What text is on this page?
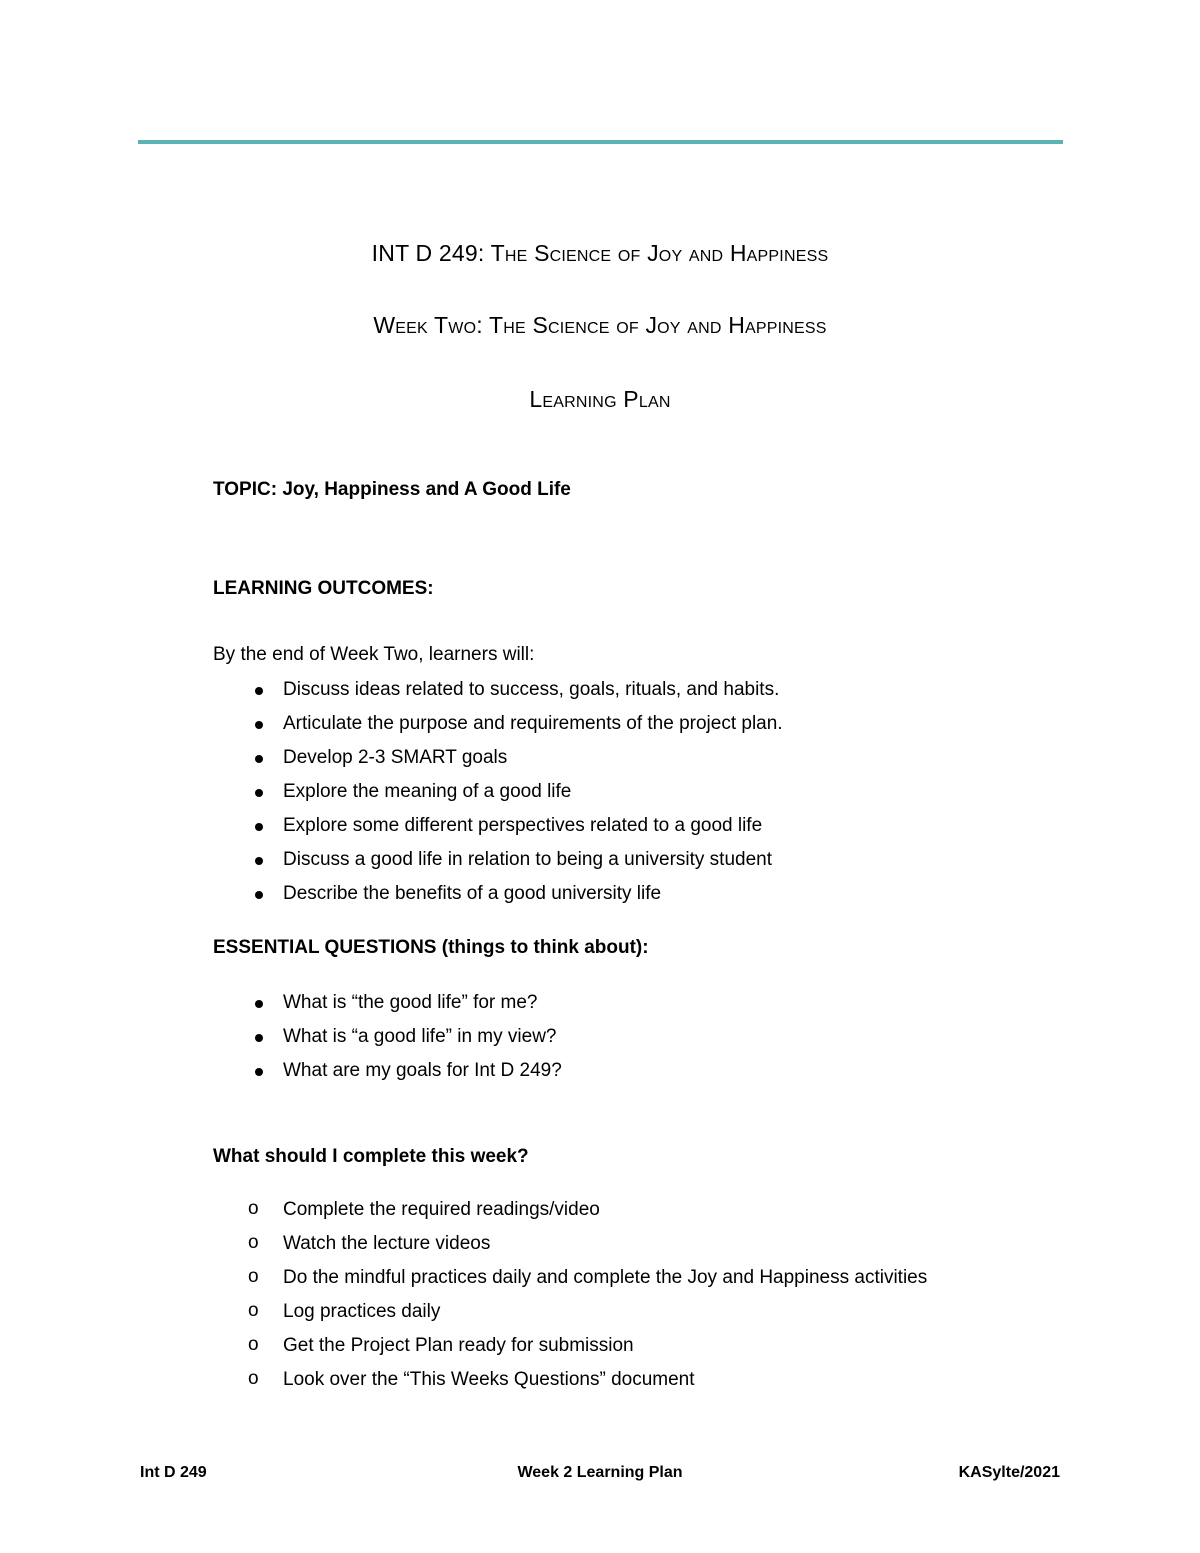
INT D 249: The Science of Joy and Happiness
Week Two: The Science of Joy and Happiness
Learning Plan
TOPIC: Joy, Happiness and A Good Life
LEARNING OUTCOMES:
By the end of Week Two, learners will:
Discuss ideas related to success, goals, rituals, and habits.
Articulate the purpose and requirements of the project plan.
Develop 2-3 SMART goals
Explore the meaning of a good life
Explore some different perspectives related to a good life
Discuss a good life in relation to being a university student
Describe the benefits of a good university life
ESSENTIAL QUESTIONS (things to think about):
What is “the good life” for me?
What is “a good life” in my view?
What are my goals for Int D 249?
What should I complete this week?
o Complete the required readings/video
o Watch the lecture videos
o Do the mindful practices daily and complete the Joy and Happiness activities
o Log practices daily
o Get the Project Plan ready for submission
o Look over the “This Weeks Questions” document
Int D 249	Week 2 Learning Plan	KASylte/2021
